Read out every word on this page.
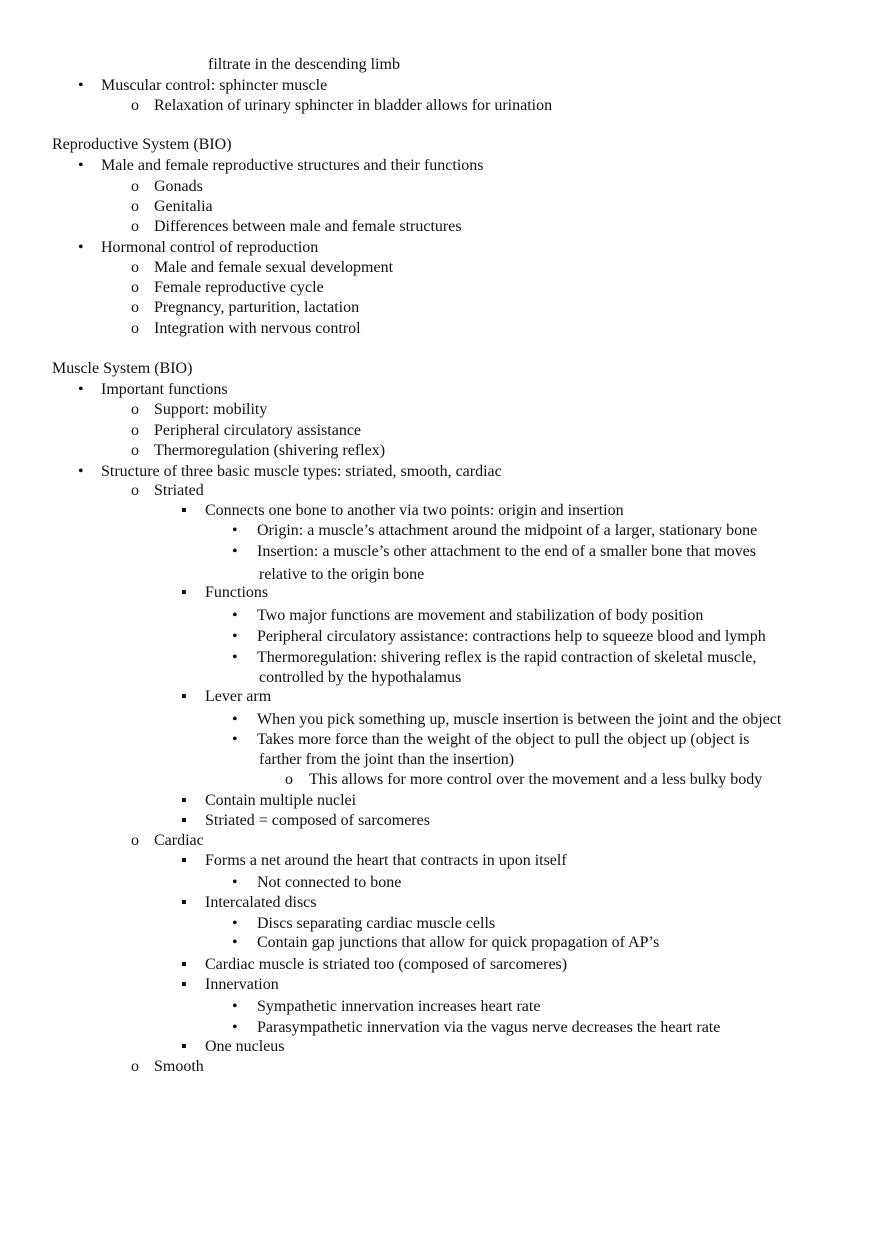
filtrate in the descending limb
• Muscular control: sphincter muscle
o Relaxation of urinary sphincter in bladder allows for urination
Reproductive System (BIO)
• Male and female reproductive structures and their functions
o Gonads
o Genitalia
o Differences between male and female structures
• Hormonal control of reproduction
o Male and female sexual development
o Female reproductive cycle
o Pregnancy, parturition, lactation
o Integration with nervous control
Muscle System (BIO)
• Important functions
o Support: mobility
o Peripheral circulatory assistance
o Thermoregulation (shivering reflex)
• Structure of three basic muscle types: striated, smooth, cardiac
o Striated
▪ Connects one bone to another via two points: origin and insertion
• Origin: a muscle’s attachment around the midpoint of a larger, stationary bone
• Insertion: a muscle’s other attachment to the end of a smaller bone that moves
relative to the origin bone
▪ Functions
• Two major functions are movement and stabilization of body position
• Peripheral circulatory assistance: contractions help to squeeze blood and lymph
• Thermoregulation: shivering reflex is the rapid contraction of skeletal muscle,
controlled by the hypothalamus
▪ Lever arm
• When you pick something up, muscle insertion is between the joint and the object
• Takes more force than the weight of the object to pull the object up (object is
farther from the joint than the insertion)
o This allows for more control over the movement and a less bulky body
▪ Contain multiple nuclei
▪ Striated = composed of sarcomeres
o Cardiac
▪ Forms a net around the heart that contracts in upon itself
• Not connected to bone
▪ Intercalated discs
• Discs separating cardiac muscle cells
• Contain gap junctions that allow for quick propagation of AP’s
▪ Cardiac muscle is striated too (composed of sarcomeres)
▪ Innervation
• Sympathetic innervation increases heart rate
• Parasympathetic innervation via the vagus nerve decreases the heart rate
▪ One nucleus
o Smooth
